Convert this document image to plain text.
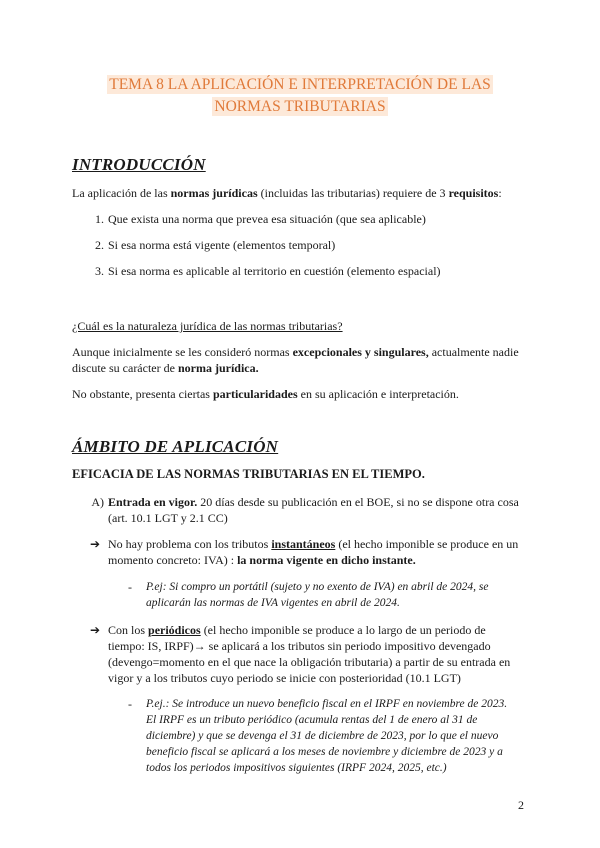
TEMA 8 LA APLICACIÓN E INTERPRETACIÓN DE LAS
NORMAS TRIBUTARIAS
INTRODUCCIÓN
La aplicación de las normas jurídicas (incluidas las tributarias) requiere de 3 requisitos:
1. Que exista una norma que prevea esa situación (que sea aplicable)
2. Si esa norma está vigente (elementos temporal)
3. Si esa norma es aplicable al territorio en cuestión (elemento espacial)
¿Cuál es la naturaleza jurídica de las normas tributarias?
Aunque inicialmente se les consideró normas excepcionales y singulares, actualmente nadie discute su carácter de norma jurídica.
No obstante, presenta ciertas particularidades en su aplicación e interpretación.
ÁMBITO DE APLICACIÓN
EFICACIA DE LAS NORMAS TRIBUTARIAS EN EL TIEMPO.
A) Entrada en vigor. 20 días desde su publicación en el BOE, si no se dispone otra cosa
(art. 10.1 LGT y 2.1 CC)
➔ No hay problema con los tributos instantáneos (el hecho imponible se produce en un
momento concreto: IVA) : la norma vigente en dicho instante.
- P.ej: Si compro un portátil (sujeto y no exento de IVA) en abril de 2024, se
aplicarán las normas de IVA vigentes en abril de 2024.
➔ Con los periódicos (el hecho imponible se produce a lo largo de un periodo de
tiempo: IS, IRPF)→ se aplicará a los tributos sin periodo impositivo devengado
(devengo=momento en el que nace la obligación tributaria) a partir de su entrada en
vigor y a los tributos cuyo periodo se inicie con posterioridad (10.1 LGT)
- P.ej.: Se introduce un nuevo beneficio fiscal en el IRPF en noviembre de 2023.
El IRPF es un tributo periódico (acumula rentas del 1 de enero al 31 de
diciembre) y que se devenga el 31 de diciembre de 2023, por lo que el nuevo
beneficio fiscal se aplicará a los meses de noviembre y diciembre de 2023 y a
todos los periodos impositivos siguientes (IRPF 2024, 2025, etc.)
2
